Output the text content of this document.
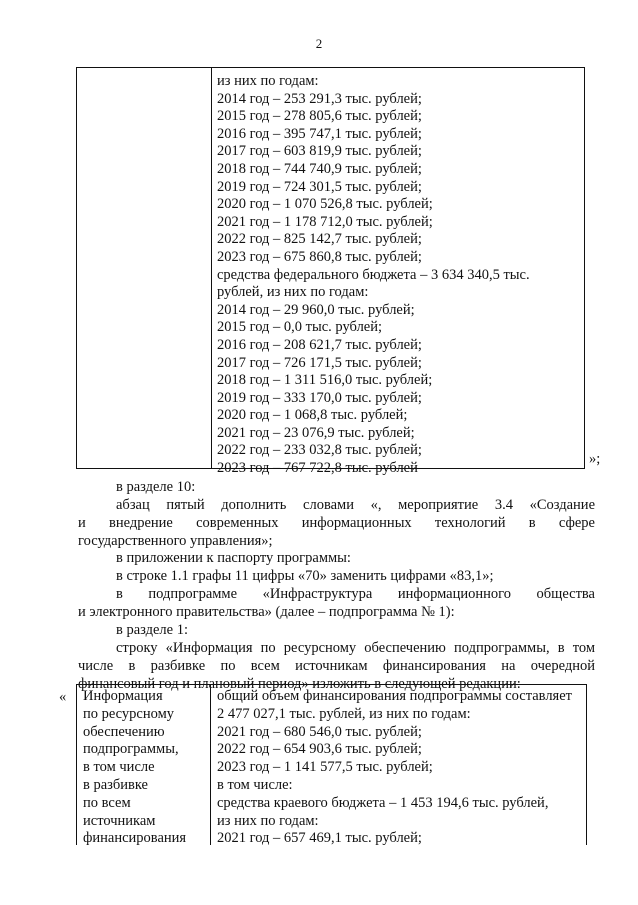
2
из них по годам:
2014 год – 253 291,3 тыс. рублей;
2015 год – 278 805,6 тыс. рублей;
2016 год – 395 747,1 тыс. рублей;
2017 год – 603 819,9 тыс. рублей;
2018 год – 744 740,9 тыс. рублей;
2019 год – 724 301,5 тыс. рублей;
2020 год – 1 070 526,8 тыс. рублей;
2021 год – 1 178 712,0 тыс. рублей;
2022 год – 825 142,7 тыс. рублей;
2023 год – 675 860,8 тыс. рублей;
средства федерального бюджета – 3 634 340,5 тыс.
рублей, из них по годам:
2014 год – 29 960,0 тыс. рублей;
2015 год – 0,0 тыс. рублей;
2016 год – 208 621,7 тыс. рублей;
2017 год – 726 171,5 тыс. рублей;
2018 год – 1 311 516,0 тыс. рублей;
2019 год – 333 170,0 тыс. рублей;
2020 год – 1 068,8 тыс. рублей;
2021 год – 23 076,9 тыс. рублей;
2022 год – 233 032,8 тыс. рублей;
2023 год – 767 722,8 тыс. рублей
»;
в разделе 10:
абзац пятый дополнить словами «, мероприятие 3.4 «Создание
и внедрение современных информационных технологий в сфере
государственного управления»;
в приложении к паспорту программы:
в строке 1.1 графы 11 цифры «70» заменить цифрами «83,1»;
в подпрограмме «Инфраструктура информационного общества
и электронного правительства» (далее – подпрограмма № 1):
в разделе 1:
строку «Информация по ресурсному обеспечению подпрограммы, в том
числе в разбивке по всем источникам финансирования на очередной
финансовый год и плановый период» изложить в следующей редакции:
« Информация
по ресурсному
обеспечению
подпрограммы,
в том числе
в разбивке
по всем
источникам
финансирования
общий объем финансирования подпрограммы составляет
2 477 027,1 тыс. рублей, из них по годам:
2021 год – 680 546,0 тыс. рублей;
2022 год – 654 903,6 тыс. рублей;
2023 год – 1 141 577,5 тыс. рублей;
в том числе:
средства краевого бюджета – 1 453 194,6 тыс. рублей,
из них по годам:
2021 год – 657 469,1 тыс. рублей;
